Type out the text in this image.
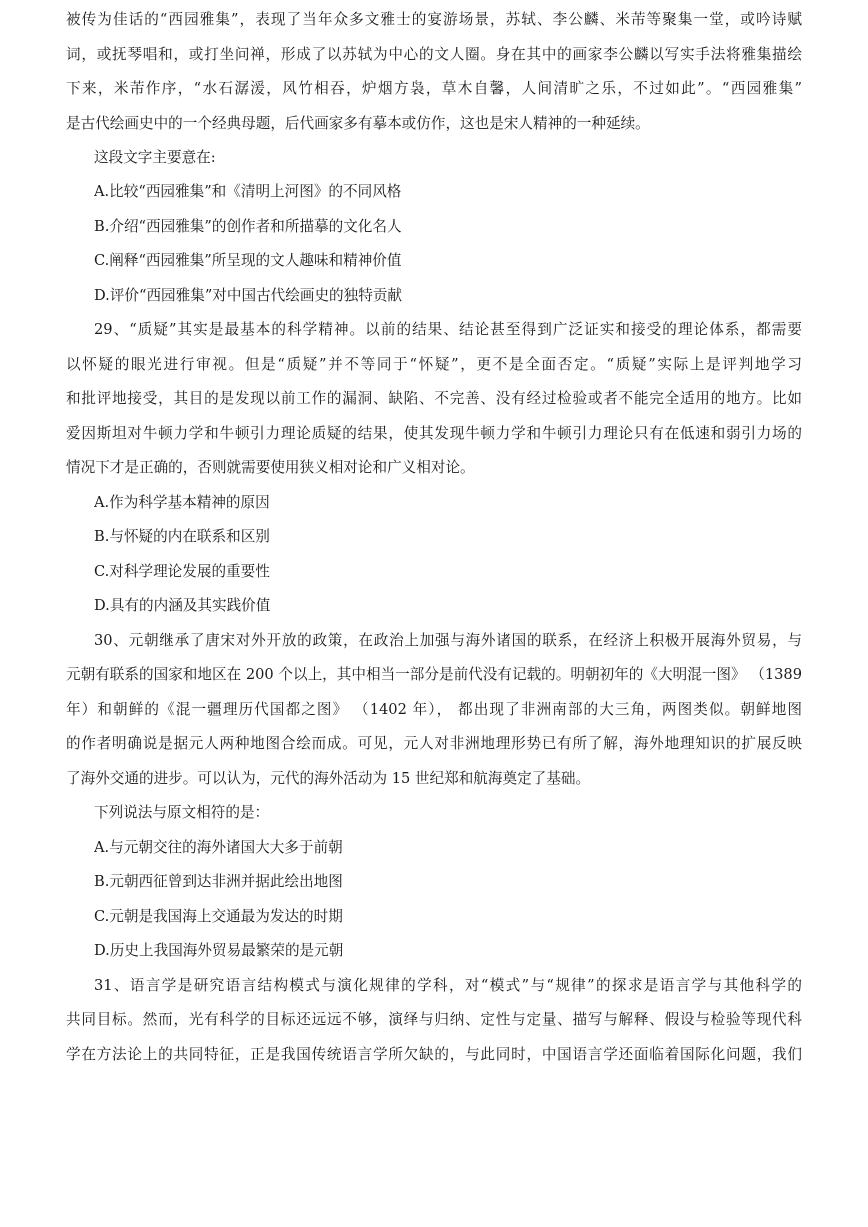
被传为佳话的“西园雅集”，表现了当年众多文雅士的宴游场景，苏轼、李公麟、米芾等聚集一堂，或吟诗赋
词，或抚琴唱和，或打坐问禅，形成了以苏轼为中心的文人圈。身在其中的画家李公麟以写实手法将雅集描绘
下来，米芾作序，“水石潺湲，风竹相吞，炉烟方袅，草木自馨，人间清旷之乐，不过如此”。“西园雅集”
是古代绘画史中的一个经典母题，后代画家多有摹本或仿作，这也是宋人精神的一种延续。
这段文字主要意在:
A.比较“西园雅集”和《清明上河图》的不同风格
B.介绍“西园雅集”的创作者和所描摹的文化名人
C.阐释“西园雅集”所呈现的文人趣味和精神价值
D.评价“西园雅集”对中国古代绘画史的独特贡献
29、“质疑”其实是最基本的科学精神。以前的结果、结论甚至得到广泛证实和接受的理论体系，都需要
以怀疑的眼光进行审视。但是“质疑”并不等同于“怀疑”，更不是全面否定。“质疑”实际上是评判地学习
和批评地接受，其目的是发现以前工作的漏洞、缺陷、不完善、没有经过检验或者不能完全适用的地方。比如
爱因斯坦对牛顿力学和牛顿引力理论质疑的结果，使其发现牛顿力学和牛顿引力理论只有在低速和弱引力场的
情况下才是正确的，否则就需要使用狭义相对论和广义相对论。
A.作为科学基本精神的原因
B.与怀疑的内在联系和区别
C.对科学理论发展的重要性
D.具有的内涵及其实践价值
30、元朝继承了唐宋对外开放的政策，在政治上加强与海外诸国的联系，在经济上积极开展海外贸易，与
元朝有联系的国家和地区在 200 个以上，其中相当一部分是前代没有记载的。明朝初年的《大明混一图》 （1389
年）和朝鲜的《混一疆理历代国都之图》 （1402 年）， 都出现了非洲南部的大三角，两图类似。朝鲜地图
的作者明确说是据元人两种地图合绘而成。可见，元人对非洲地理形势已有所了解，海外地理知识的扩展反映
了海外交通的进步。可以认为，元代的海外活动为 15 世纪郑和航海奠定了基础。
下列说法与原文相符的是：
A.与元朝交往的海外诸国大大多于前朝
B.元朝西征曾到达非洲并据此绘出地图
C.元朝是我国海上交通最为发达的时期
D.历史上我国海外贸易最繁荣的是元朝
31、语言学是研究语言结构模式与演化规律的学科，对“模式”与“规律”的探求是语言学与其他科学的
共同目标。然而，光有科学的目标还远远不够，演绎与归纳、定性与定量、描写与解释、假设与检验等现代科
学在方法论上的共同特征，正是我国传统语言学所欠缺的，与此同时，中国语言学还面临着国际化问题，我们
